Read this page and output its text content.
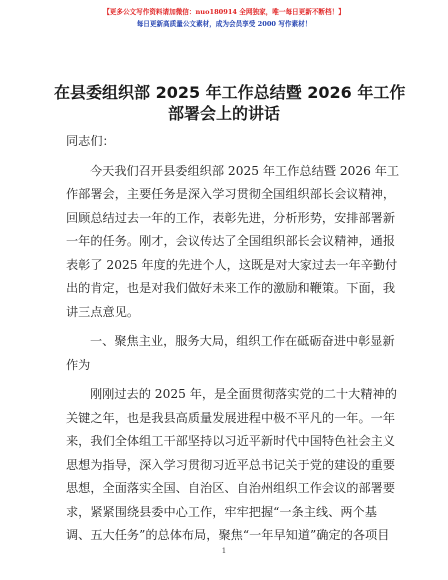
【更多公文写作资料请加微信：nuo180914 全网独家，唯一每日更新不断档！】
每日更新高质量公文素材，成为会员享受 2000 写作素材！
在县委组织部 2025 年工作总结暨 2026 年工作
部署会上的讲话
同志们：
今天我们召开县委组织部 2025 年工作总结暨 2026 年工
作部署会，主要任务是深入学习贯彻全国组织部长会议精神，
回顾总结过去一年的工作，表彰先进，分析形势，安排部署新
一年的任务。刚才，会议传达了全国组织部长会议精神，通报
表彰了 2025 年度的先进个人，这既是对大家过去一年辛勤付
出的肯定，也是对我们做好未来工作的激励和鞭策。下面，我
讲三点意见。
一、聚焦主业，服务大局，组织工作在砥砺奋进中彰显新
作为
刚刚过去的 2025 年，是全面贯彻落实党的二十大精神的
关键之年，也是我县高质量发展进程中极不平凡的一年。一年
来，我们全体组工干部坚持以习近平新时代中国特色社会主义
思想为指导，深入学习贯彻习近平总书记关于党的建设的重要
思想，全面落实全国、自治区、自治州组织工作会议的部署要
求，紧紧围绕县委中心工作，牢牢把握“一条主线、两个基
调、五大任务”的总体布局，聚焦“一年早知道”确定的各项目
1
